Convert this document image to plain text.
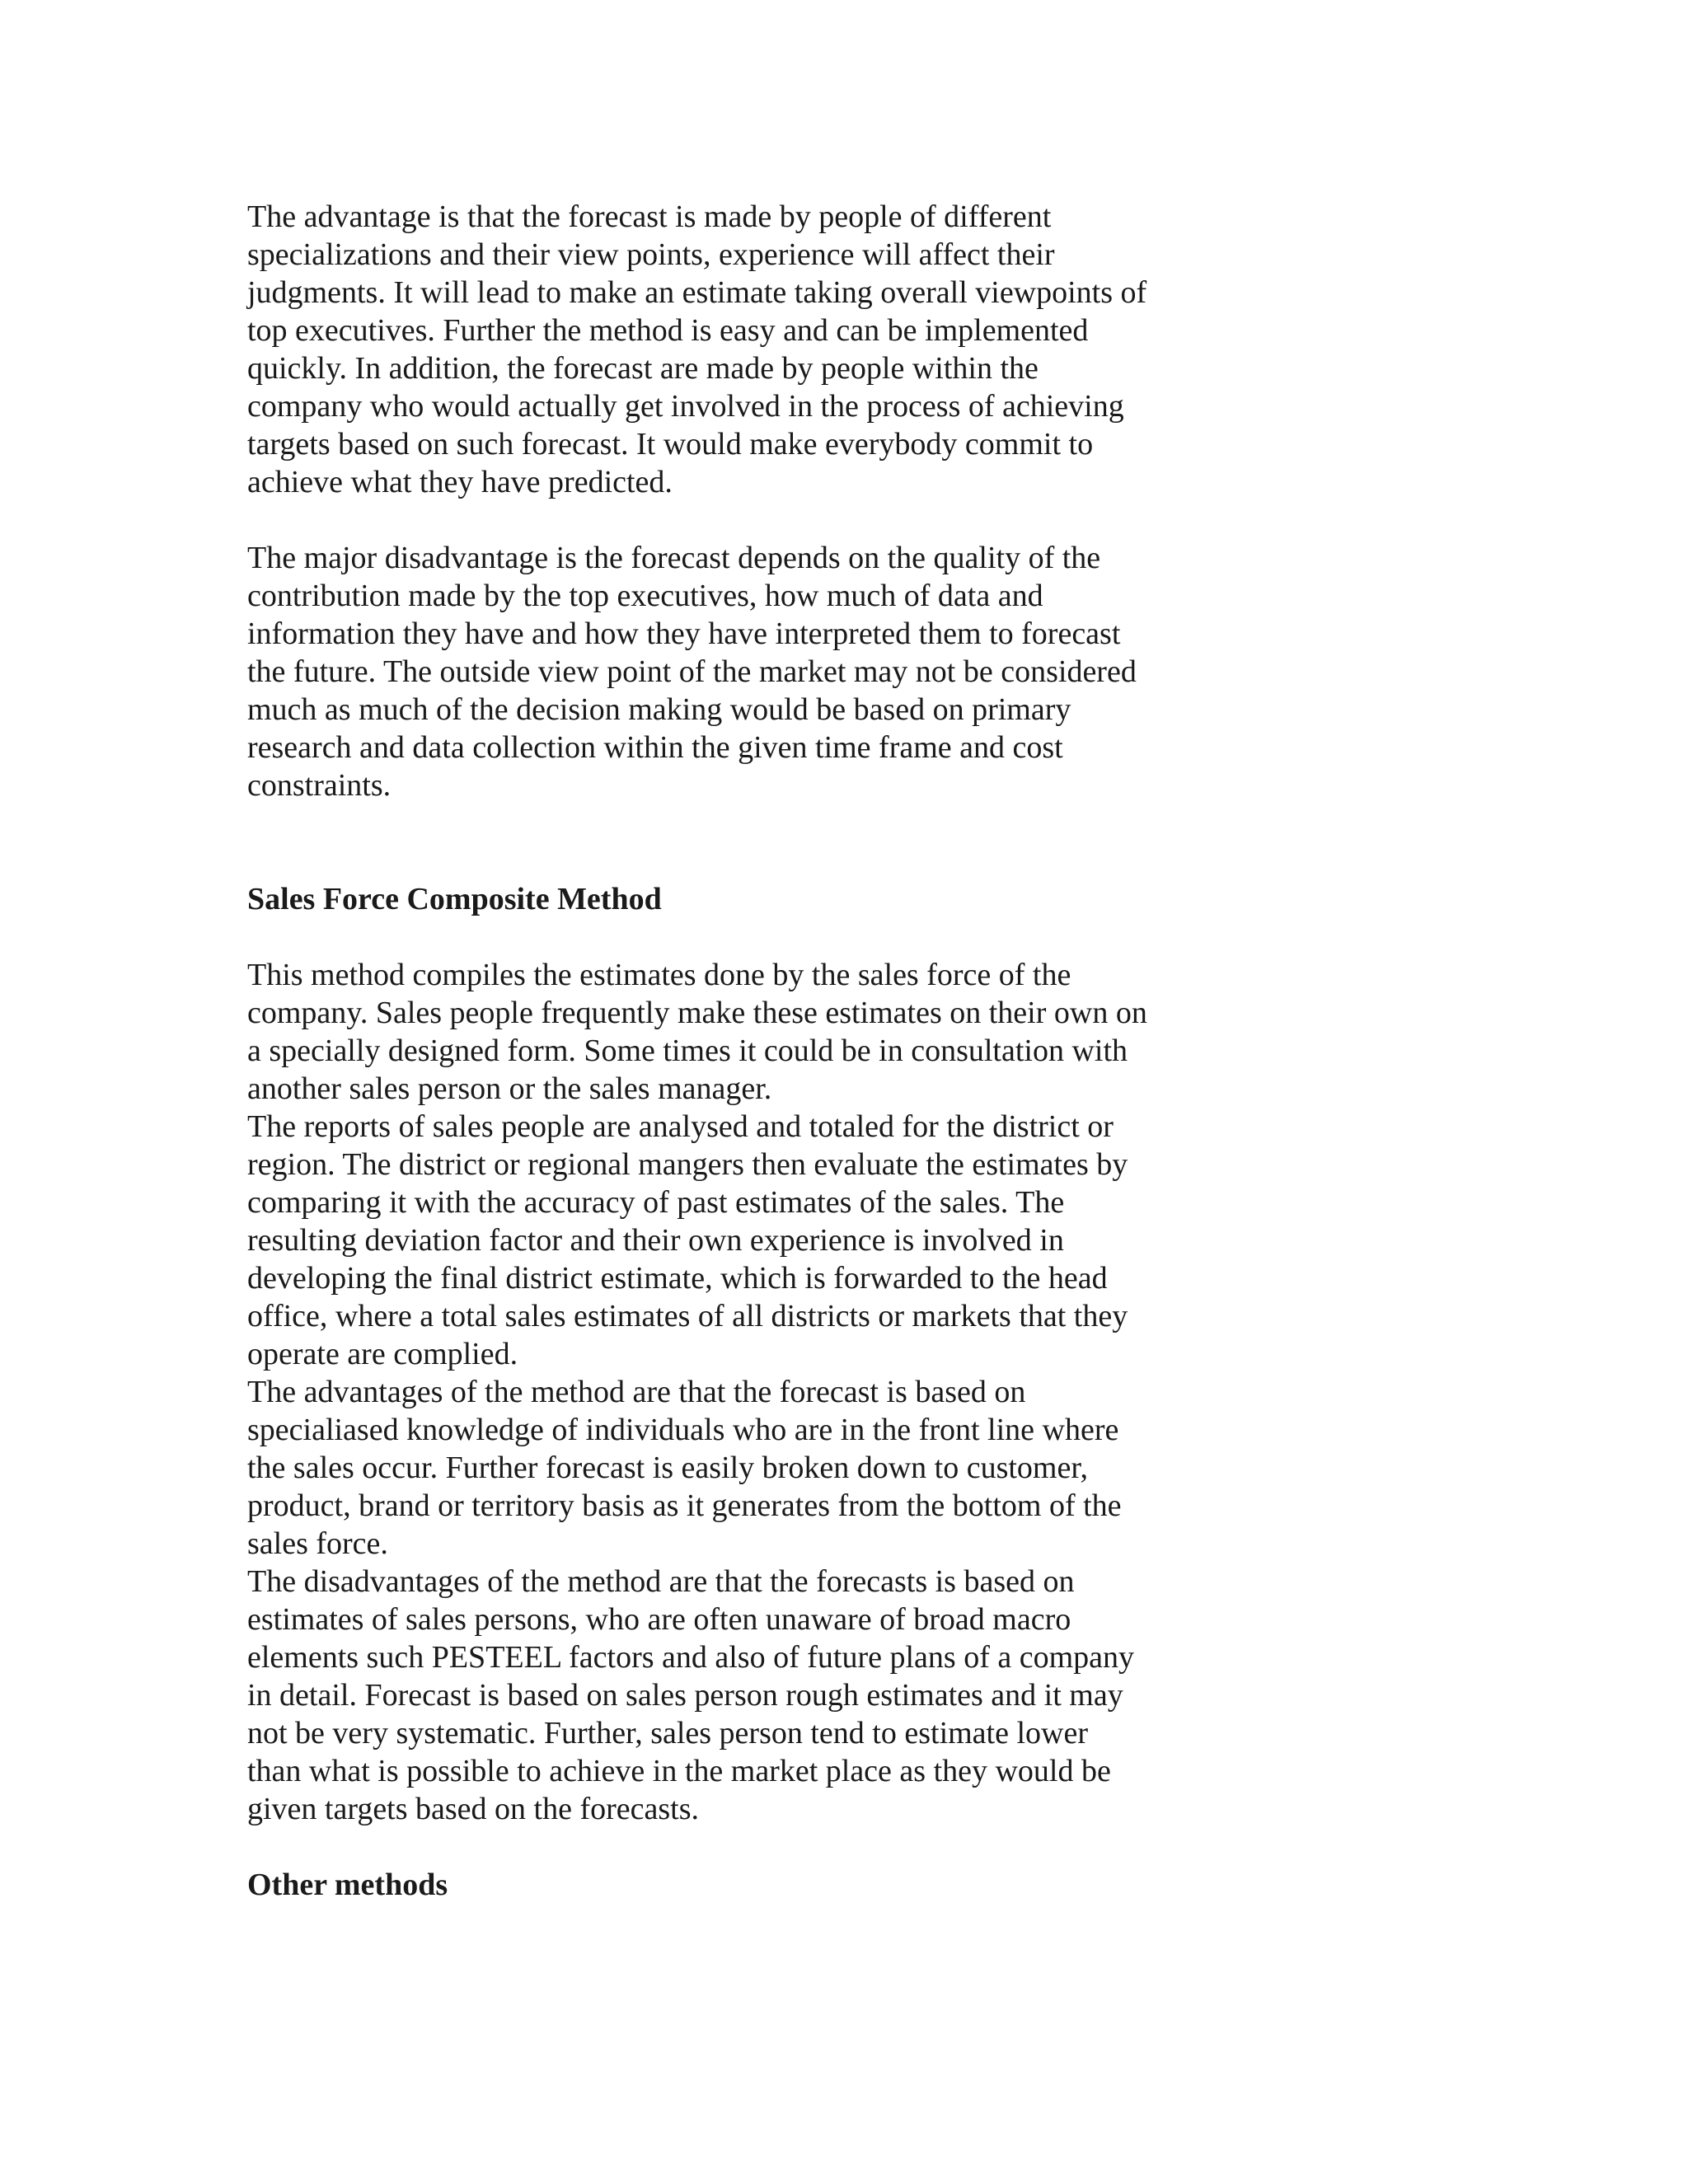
The advantage is that the forecast is made by people of different
specializations and their view points, experience will affect their
judgments. It will lead to make an estimate taking overall viewpoints of
top executives. Further the method is easy and can be implemented
quickly. In addition, the forecast are made by people within the
company who would actually get involved in the process of achieving
targets based on such forecast. It would make everybody commit to
achieve what they have predicted.

The major disadvantage is the forecast depends on the quality of the
contribution made by the top executives, how much of data and
information they have and how they have interpreted them to forecast
the future. The outside view point of the market may not be considered
much as much of the decision making would be based on primary
research and data collection within the given time frame and cost
constraints.

Sales Force Composite Method

This method compiles the estimates done by the sales force of the
company. Sales people frequently make these estimates on their own on
a specially designed form. Some times it could be in consultation with
another sales person or the sales manager.

The reports of sales people are analysed and totaled for the district or
region. The district or regional mangers then evaluate the estimates by
comparing it with the accuracy of past estimates of the sales. The
resulting deviation factor and their own experience is involved in
developing the final district estimate, which is forwarded to the head
office, where a total sales estimates of all districts or markets that they
operate are complied.

The advantages of the method are that the forecast is based on
specialiased knowledge of individuals who are in the front line where
the sales occur. Further forecast is easily broken down to customer,
product, brand or territory basis as it generates from the bottom of the
sales force.

The disadvantages of the method are that the forecasts is based on
estimates of sales persons, who are often unaware of broad macro
elements such PESTEEL factors and also of future plans of a company
in detail. Forecast is based on sales person rough estimates and it may
not be very systematic. Further, sales person tend to estimate lower
than what is possible to achieve in the market place as they would be
given targets based on the forecasts.

Other methods
